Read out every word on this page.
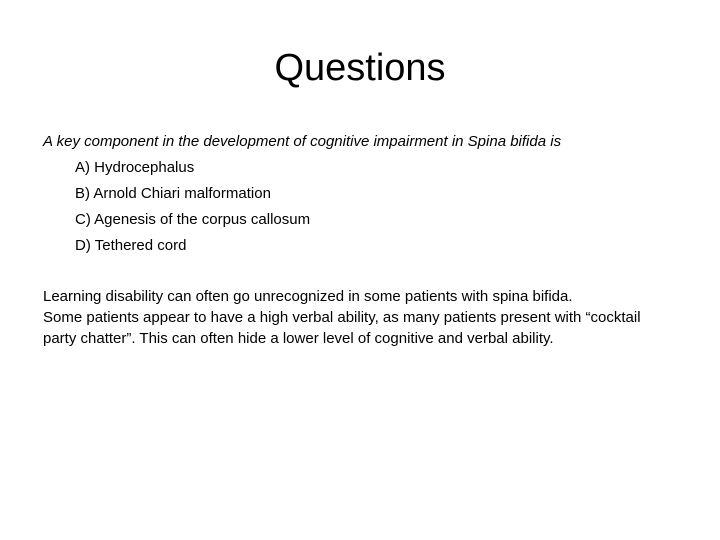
Questions
A key component in the development of cognitive impairment in Spina bifida is
A) Hydrocephalus
B) Arnold Chiari malformation
C) Agenesis of the corpus callosum
D) Tethered cord

Learning disability can often go unrecognized in some patients with spina bifida.

Some patients appear to have a high verbal ability, as many patients present with “cocktail party chatter”. This can often hide a lower level of cognitive and verbal ability.
